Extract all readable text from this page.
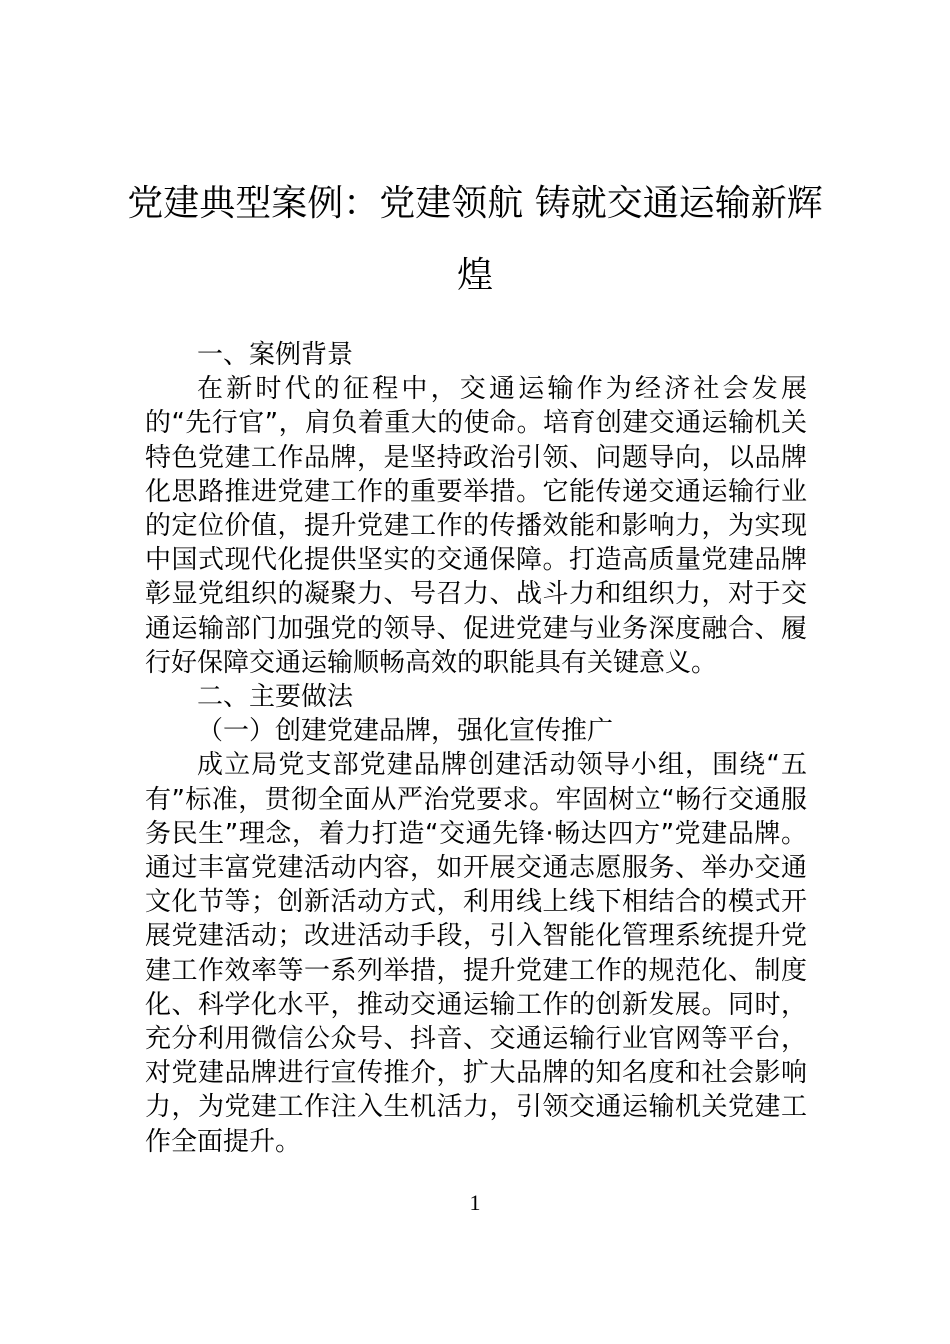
党建典型案例：党建领航 铸就交通运输新辉煌

一、案例背景

在新时代的征程中，交通运输作为经济社会发展的“先行官”，肩负着重大的使命。培育创建交通运输机关特色党建工作品牌，是坚持政治引领、问题导向，以品牌化思路推进党建工作的重要举措。它能传递交通运输行业的定位价值，提升党建工作的传播效能和影响力，为实现中国式现代化提供坚实的交通保障。打造高质量党建品牌彰显党组织的凝聚力、号召力、战斗力和组织力，对于交通运输部门加强党的领导、促进党建与业务深度融合、履行好保障交通运输顺畅高效的职能具有关键意义。

二、主要做法

（一）创建党建品牌，强化宣传推广

成立局党支部党建品牌创建活动领导小组，围绕“五有”标准，贯彻全面从严治党要求。牢固树立“畅行交通服务民生”理念，着力打造“交通先锋·畅达四方”党建品牌。通过丰富党建活动内容，如开展交通志愿服务、举办交通文化节等；创新活动方式，利用线上线下相结合的模式开展党建活动；改进活动手段，引入智能化管理系统提升党建工作效率等一系列举措，提升党建工作的规范化、制度化、科学化水平，推动交通运输工作的创新发展。同时，充分利用微信公众号、抖音、交通运输行业官网等平台，对党建品牌进行宣传推介，扩大品牌的知名度和社会影响力，为党建工作注入生机活力，引领交通运输机关党建工作全面提升。

1
